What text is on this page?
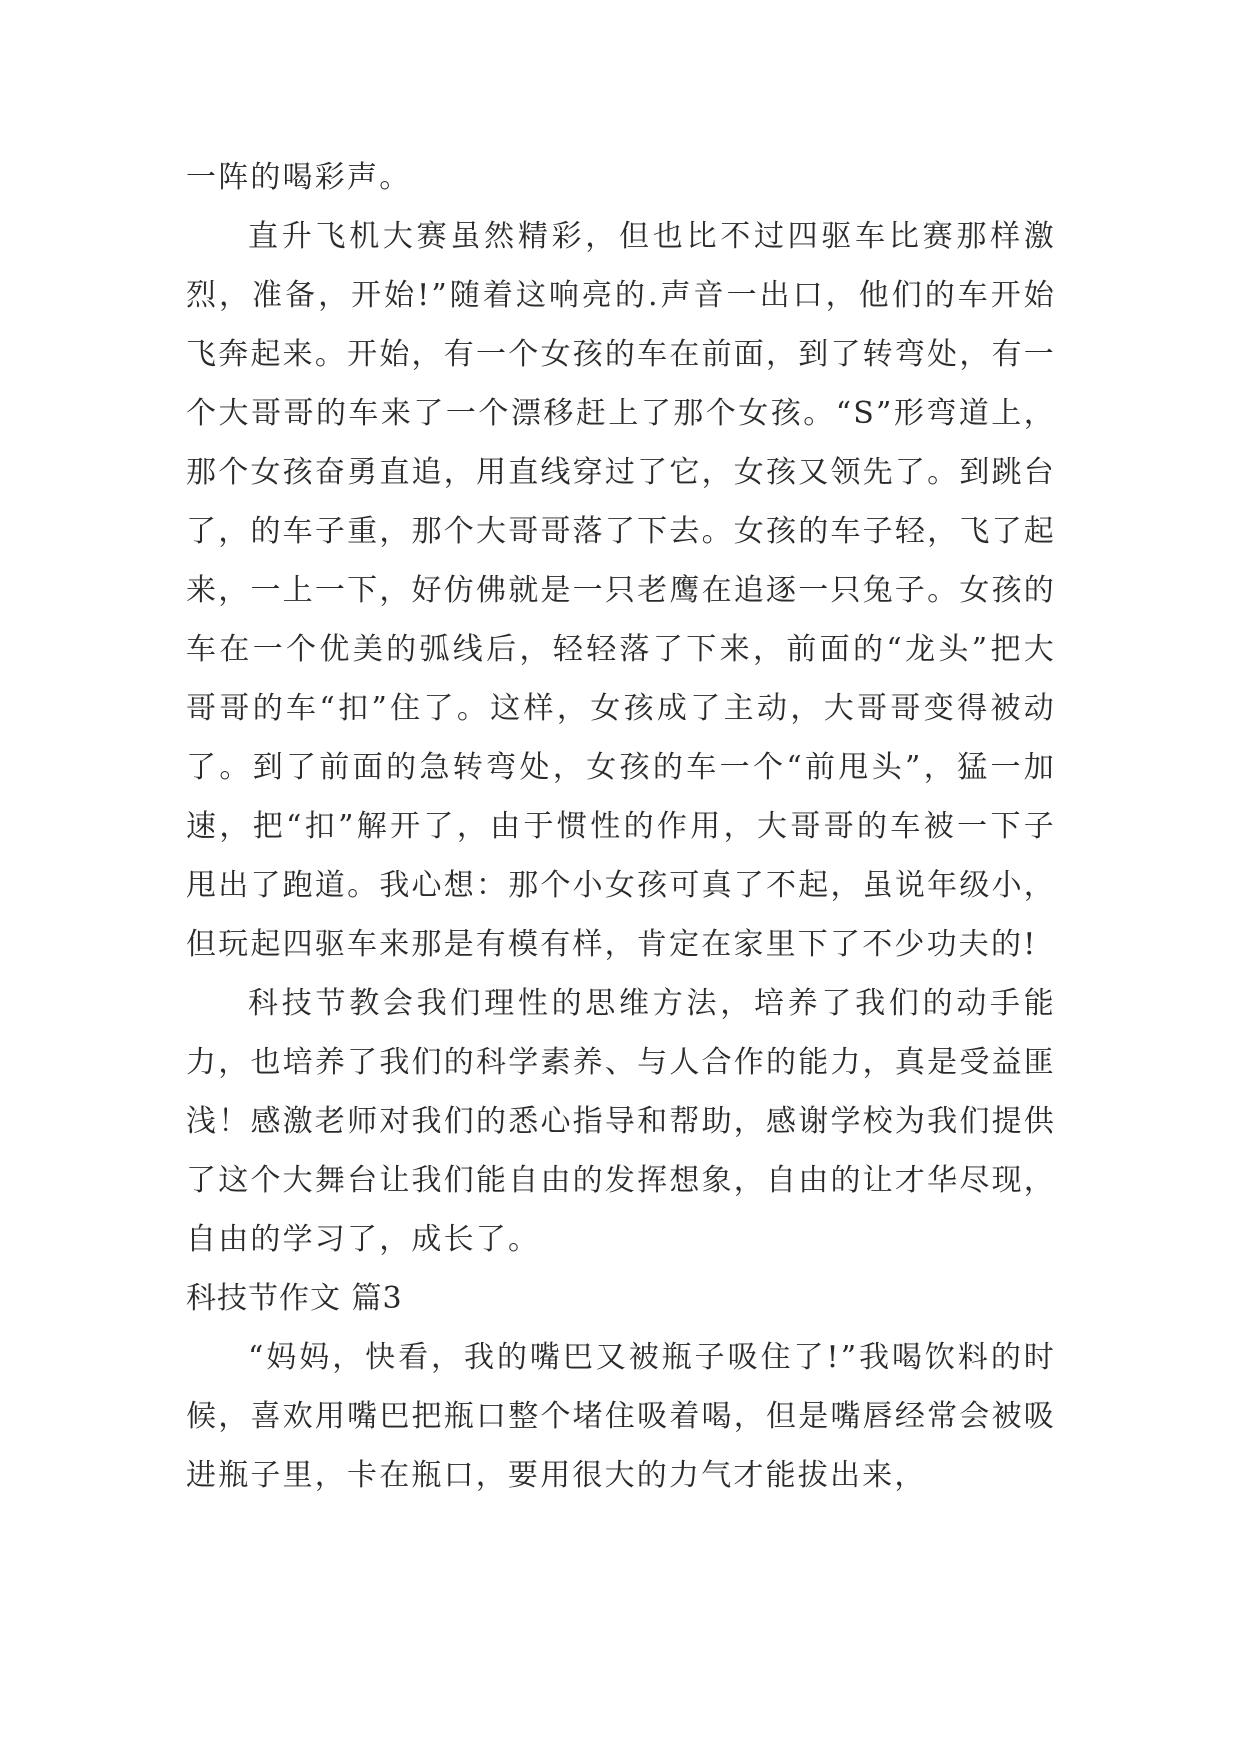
一阵的喝彩声。

直升飞机大赛虽然精彩，但也比不过四驱车比赛那样激烈，准备，开始!”随着这响亮的.声音一出口，他们的车开始飞奔起来。开始，有一个女孩的车在前面，到了转弯处，有一个大哥哥的车来了一个漂移赶上了那个女孩。“S”形弯道上，那个女孩奋勇直追，用直线穿过了它，女孩又领先了。到跳台了，的车子重，那个大哥哥落了下去。女孩的车子轻，飞了起来，一上一下，好仿佛就是一只老鹰在追逐一只兔子。女孩的车在一个优美的弧线后，轻轻落了下来，前面的“龙头”把大哥哥的车“扣”住了。这样，女孩成了主动，大哥哥变得被动了。到了前面的急转弯处，女孩的车一个“前甩头”，猛一加速，把“扣”解开了，由于惯性的作用，大哥哥的车被一下子甩出了跑道。我心想：那个小女孩可真了不起，虽说年级小，但玩起四驱车来那是有模有样，肯定在家里下了不少功夫的!

科技节教会我们理性的思维方法，培养了我们的动手能力，也培养了我们的科学素养、与人合作的能力，真是受益匪浅！感激老师对我们的悉心指导和帮助，感谢学校为我们提供了这个大舞台让我们能自由的发挥想象，自由的让才华尽现，自由的学习了，成长了。

科技节作文 篇3

“妈妈，快看，我的嘴巴又被瓶子吸住了!”我喝饮料的时候，喜欢用嘴巴把瓶口整个堵住吸着喝，但是嘴唇经常会被吸进瓶子里，卡在瓶口，要用很大的力气才能拔出来，
